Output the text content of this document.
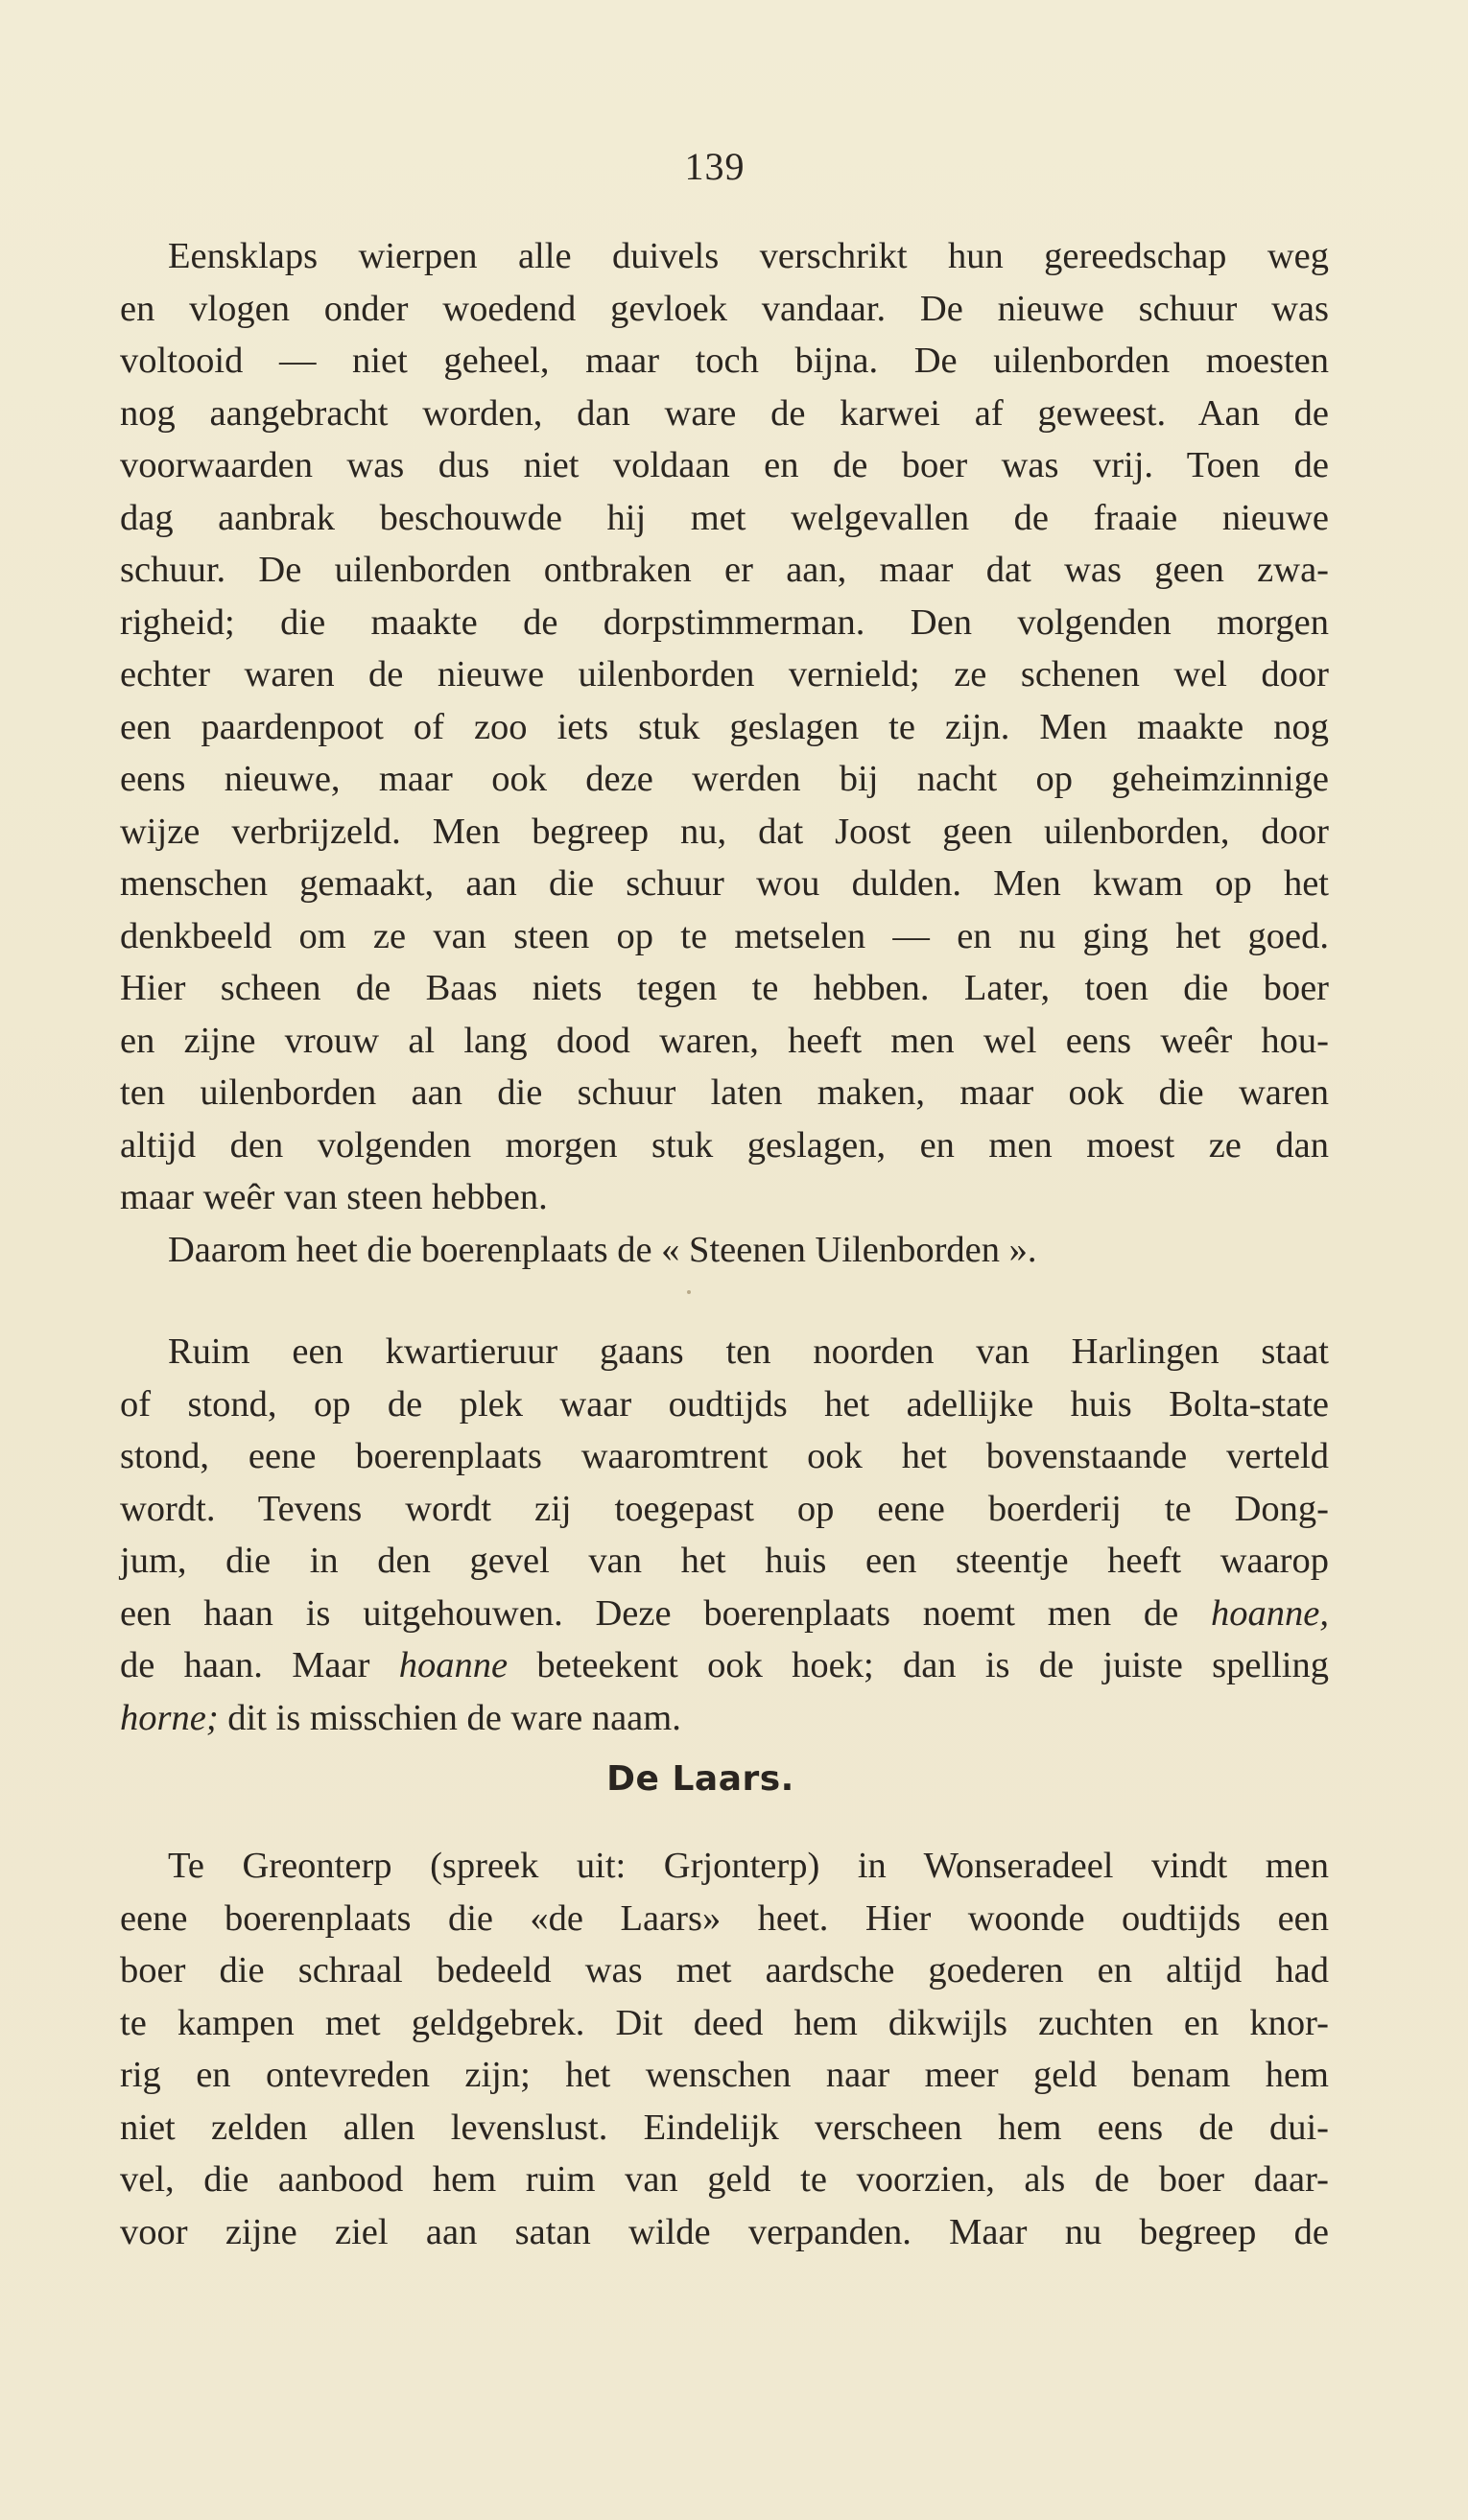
139
Eensklaps wierpen alle duivels verschrikt hun gereedschap weg
en vlogen onder woedend gevloek vandaar. De nieuwe schuur was
voltooid — niet geheel, maar toch bijna. De uilenborden moesten
nog aangebracht worden, dan ware de karwei af geweest. Aan de
voorwaarden was dus niet voldaan en de boer was vrij. Toen de
dag aanbrak beschouwde hij met welgevallen de fraaie nieuwe
schuur. De uilenborden ontbraken er aan, maar dat was geen zwa-
righeid; die maakte de dorpstimmerman. Den volgenden morgen
echter waren de nieuwe uilenborden vernield; ze schenen wel door
een paardenpoot of zoo iets stuk geslagen te zijn. Men maakte nog
eens nieuwe, maar ook deze werden bij nacht op geheimzinnige
wijze verbrijzeld. Men begreep nu, dat Joost geen uilenborden, door
menschen gemaakt, aan die schuur wou dulden. Men kwam op het
denkbeeld om ze van steen op te metselen — en nu ging het goed.
Hier scheen de Baas niets tegen te hebben. Later, toen die boer
en zijne vrouw al lang dood waren, heeft men wel eens weêr hou-
ten uilenborden aan die schuur laten maken, maar ook die waren
altijd den volgenden morgen stuk geslagen, en men moest ze dan
maar weêr van steen hebben.
Daarom heet die boerenplaats de « Steenen Uilenborden ».
Ruim een kwartieruur gaans ten noorden van Harlingen staat
of stond, op de plek waar oudtijds het adellijke huis Bolta-state
stond, eene boerenplaats waaromtrent ook het bovenstaande verteld
wordt. Tevens wordt zij toegepast op eene boerderij te Dong-
jum, die in den gevel van het huis een steentje heeft waarop
een haan is uitgehouwen. Deze boerenplaats noemt men de hoanne,
de haan. Maar hoanne beteekent ook hoek; dan is de juiste spelling
horne; dit is misschien de ware naam.
De Laars.
Te Greonterp (spreek uit: Grjonterp) in Wonseradeel vindt men
eene boerenplaats die «de Laars» heet. Hier woonde oudtijds een
boer die schraal bedeeld was met aardsche goederen en altijd had
te kampen met geldgebrek. Dit deed hem dikwijls zuchten en knor-
rig en ontevreden zijn; het wenschen naar meer geld benam hem
niet zelden allen levenslust. Eindelijk verscheen hem eens de dui-
vel, die aanbood hem ruim van geld te voorzien, als de boer daar-
voor zijne ziel aan satan wilde verpanden. Maar nu begreep de
